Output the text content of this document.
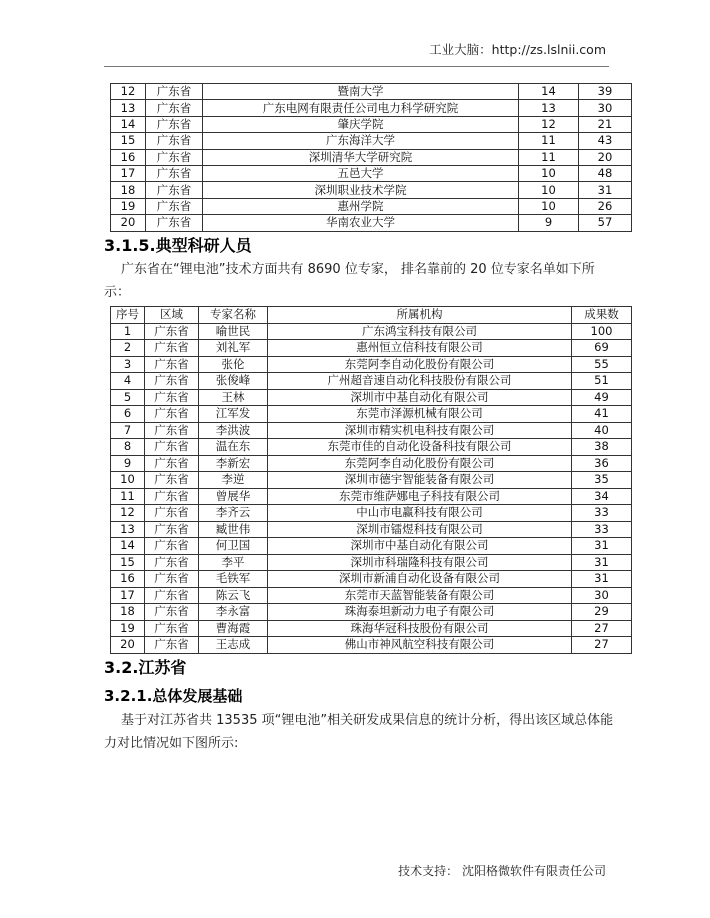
工业大脑：http://zs.lslnii.com
12	广东省	暨南大学	14	39
13	广东省	广东电网有限责任公司电力科学研究院	13	30
14	广东省	肇庆学院	12	21
15	广东省	广东海洋大学	11	43
16	广东省	深圳清华大学研究院	11	20
17	广东省	五邑大学	10	48
18	广东省	深圳职业技术学院	10	31
19	广东省	惠州学院	10	26
20	广东省	华南农业大学	9	57
3.1.5.典型科研人员

广东省在“锂电池”技术方面共有 8690 位专家， 排名靠前的 20 位专家名单如下所示：

序号	区域	专家名称	所属机构	成果数
1	广东省	喻世民	广东鸿宝科技有限公司	100
2	广东省	刘礼军	惠州恒立信科技有限公司	69
3	广东省	张伦	东莞阿李自动化股份有限公司	55
4	广东省	张俊峰	广州超音速自动化科技股份有限公司	51
5	广东省	王林	深圳市中基自动化有限公司	49
6	广东省	江军发	东莞市泽源机械有限公司	41
7	广东省	李洪波	深圳市精实机电科技有限公司	40
8	广东省	温在东	东莞市佳的自动化设备科技有限公司	38
9	广东省	李新宏	东莞阿李自动化股份有限公司	36
10	广东省	李逆	深圳市德宇智能装备有限公司	35
11	广东省	曾展华	东莞市维萨娜电子科技有限公司	34
12	广东省	李齐云	中山市电赢科技有限公司	33
13	广东省	臧世伟	深圳市镭煜科技有限公司	33
14	广东省	何卫国	深圳市中基自动化有限公司	31
15	广东省	李平	深圳市科瑞隆科技有限公司	31
16	广东省	毛铁军	深圳市新浦自动化设备有限公司	31
17	广东省	陈云飞	东莞市天蓝智能装备有限公司	30
18	广东省	李永富	珠海泰坦新动力电子有限公司	29
19	广东省	曹海霞	珠海华冠科技股份有限公司	27
20	广东省	王志成	佛山市神风航空科技有限公司	27
3.2.江苏省
3.2.1.总体发展基础

基于对江苏省共 13535 项“锂电池”相关研发成果信息的统计分析，得出该区域总体能力对比情况如下图所示:

技术支持： 沈阳格微软件有限责任公司
